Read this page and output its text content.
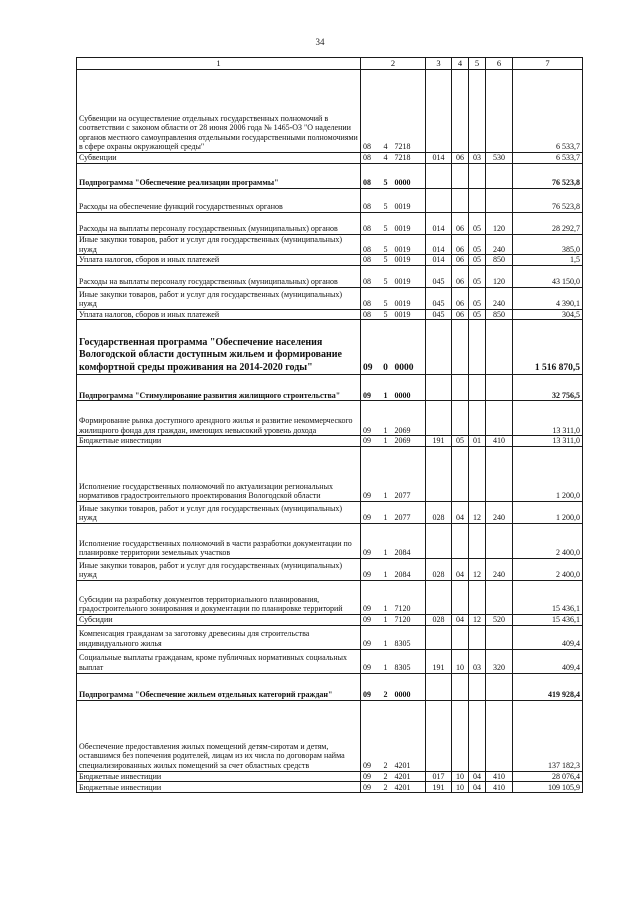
34
1	2			3	4	5	6	7

Субвенции на осуществление отдельных государственных полномочий в соответствии с законом области от 28 июня 2006 года № 1465-ОЗ "О наделении органов местного самоуправления отдельными государственными полномочиями в сфере охраны окружающей среды"	08	4	7218					6 533,7

Субвенции	08	4	7218	014	06	03	530	6 533,7

Подпрограмма "Обеспечение реализации программы"	08	5	0000					76 523,8

Расходы на обеспечение функций государственных органов	08	5	0019					76 523,8

Расходы на выплаты персоналу государственных (муниципальных) органов	08	5	0019	014	06	05	120	28 292,7

Иные закупки товаров, работ и услуг для государственных (муниципальных) нужд	08	5	0019	014	06	05	240	385,0

Уплата налогов, сборов и иных платежей	08	5	0019	014	06	05	850	1,5

Расходы на выплаты персоналу государственных (муниципальных) органов	08	5	0019	045	06	05	120	43 150,0

Иные закупки товаров, работ и услуг для государственных (муниципальных) нужд	08	5	0019	045	06	05	240	4 390,1

Уплата налогов, сборов и иных платежей	08	5	0019	045	06	05	850	304,5

Государственная программа "Обеспечение населения Вологодской области доступным жильем и формирование комфортной среды проживания на 2014-2020 годы"	09	0	0000					1 516 870,5

Подпрограмма "Стимулирование развития жилищного строительства"	09	1	0000					32 756,5

Формирование рынка доступного арендного жилья и развитие некоммерческого жилищного фонда для граждан, имеющих невысокий уровень дохода	09	1	2069					13 311,0

Бюджетные инвестиции	09	1	2069	191	05	01	410	13 311,0

Исполнение государственных полномочий по актуализации региональных нормативов градостроительного проектирования Вологодской области	09	1	2077					1 200,0

Иные закупки товаров, работ и услуг для государственных (муниципальных) нужд	09	1	2077	028	04	12	240	1 200,0

Исполнение государственных полномочий в части разработки документации по планировке территории земельных участков	09	1	2084					2 400,0

Иные закупки товаров, работ и услуг для государственных (муниципальных) нужд	09	1	2084	028	04	12	240	2 400,0

Субсидии на разработку документов территориального планирования, градостроительного зонирования и документации по планировке территорий	09	1	7120					15 436,1

Субсидии	09	1	7120	028	04	12	520	15 436,1

Компенсация гражданам за заготовку древесины для строительства индивидуального жилья	09	1	8305					409,4

Социальные выплаты гражданам, кроме публичных нормативных социальных выплат	09	1	8305	191	10	03	320	409,4

Подпрограмма "Обеспечение жильем отдельных категорий граждан"	09	2	0000					419 928,4

Обеспечение предоставления жилых помещений детям-сиротам и детям, оставшимся без попечения родителей, лицам из их числа по договорам найма специализированных жилых помещений за счет областных средств	09	2	4201					137 182,3

Бюджетные инвестиции	09	2	4201	017	10	04	410	28 076,4

Бюджетные инвестиции	09	2	4201	191	10	04	410	109 105,9
